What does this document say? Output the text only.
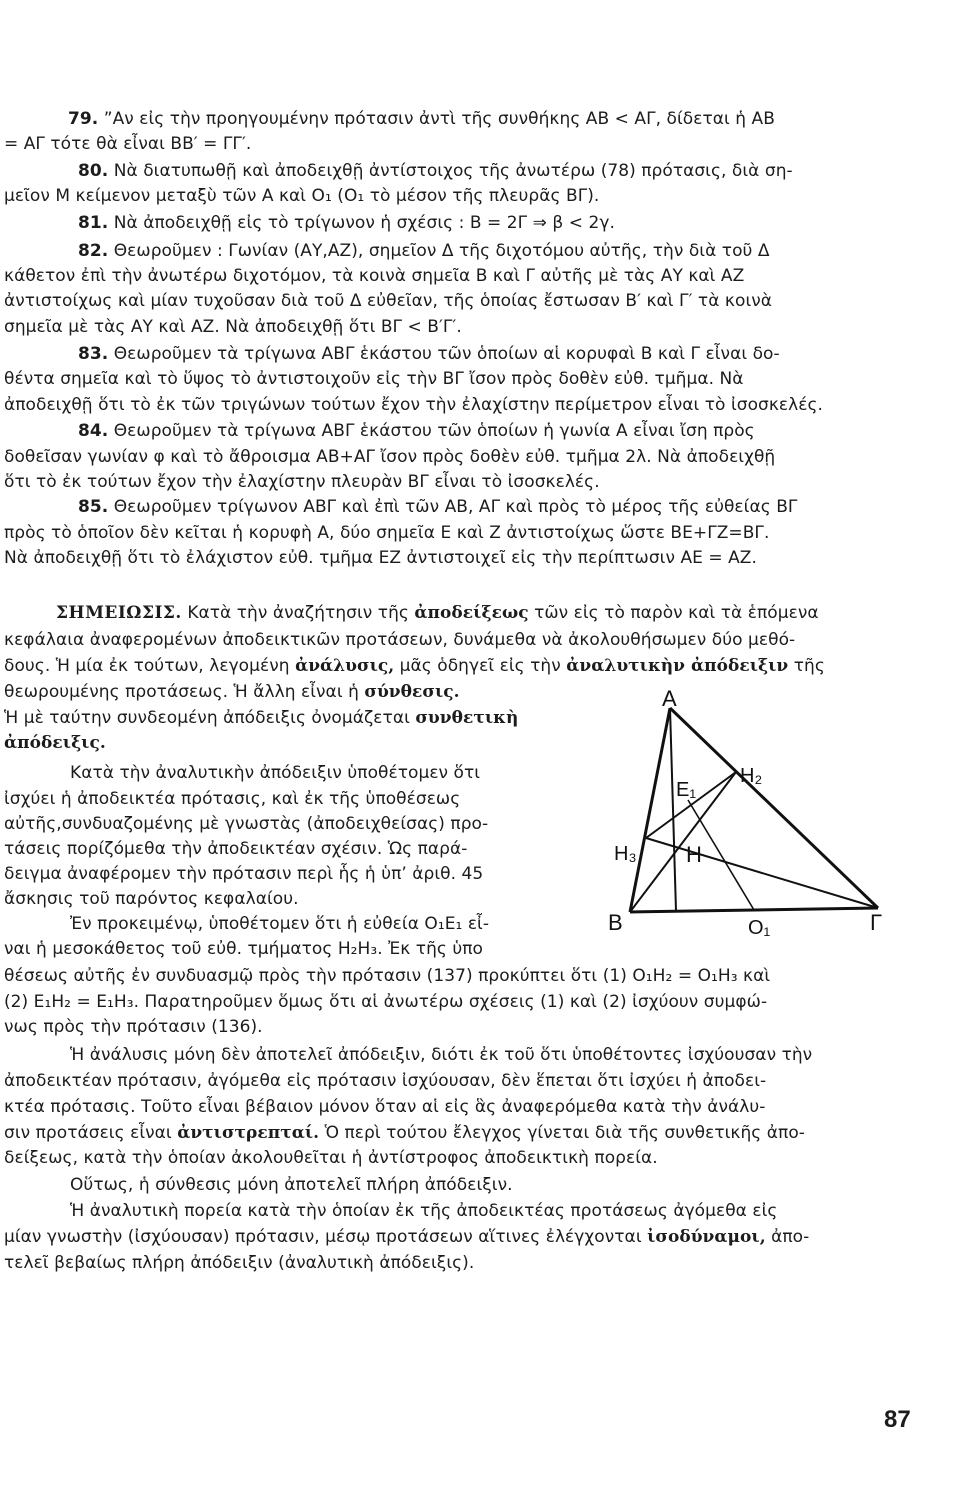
79. ”Αν εἰς τὴν προηγουμένην πρότασιν ἀντὶ τῆς συνθήκης ΑΒ < ΑΓ, δίδεται ἡ ΑΒ
= ΑΓ τότε θὰ εἶναι ΒΒ′ = ΓΓ′.
80. Νὰ διατυπωθῇ καὶ ἀποδειχθῇ ἀντίστοιχος τῆς ἀνωτέρω (78) πρότασις, διὰ ση-
μεῖον Μ κείμενον μεταξὺ τῶν Α καὶ Ο₁ (Ο₁ τὸ μέσον τῆς πλευρᾶς ΒΓ).
81. Νὰ ἀποδειχθῇ εἰς τὸ τρίγωνον ἡ σχέσις : Β = 2Γ ⇒ β < 2γ.
82. Θεωροῦμεν : Γωνίαν (ΑΥ,ΑΖ), σημεῖον Δ τῆς διχοτόμου αὐτῆς, τὴν διὰ τοῦ Δ
κάθετον ἐπὶ τὴν ἀνωτέρω διχοτόμον, τὰ κοινὰ σημεῖα Β καὶ Γ αὐτῆς μὲ τὰς ΑΥ καὶ ΑΖ
ἀντιστοίχως καὶ μίαν τυχοῦσαν διὰ τοῦ Δ εὐθεῖαν, τῆς ὁποίας ἔστωσαν Β′ καὶ Γ′ τὰ κοινὰ
σημεῖα μὲ τὰς ΑΥ καὶ ΑΖ. Νὰ ἀποδειχθῇ ὅτι ΒΓ < Β′Γ′.
83. Θεωροῦμεν τὰ τρίγωνα ΑΒΓ ἑκάστου τῶν ὁποίων αἱ κορυφαὶ Β καὶ Γ εἶναι δο-
θέντα σημεῖα καὶ τὸ ὕψος τὸ ἀντιστοιχοῦν εἰς τὴν ΒΓ ἴσον πρὸς δοθὲν εὐθ. τμῆμα. Νὰ
ἀποδειχθῇ ὅτι τὸ ἐκ τῶν τριγώνων τούτων ἔχον τὴν ἐλαχίστην περίμετρον εἶναι τὸ ἰσοσκελές.
84. Θεωροῦμεν τὰ τρίγωνα ΑΒΓ ἑκάστου τῶν ὁποίων ἡ γωνία Α εἶναι ἴση πρὸς
δοθεῖσαν γωνίαν φ καὶ τὸ ἄθροισμα ΑΒ+ΑΓ ἴσον πρὸς δοθὲν εὐθ. τμῆμα 2λ. Νὰ ἀποδειχθῇ
ὅτι τὸ ἐκ τούτων ἔχον τὴν ἐλαχίστην πλευρὰν ΒΓ εἶναι τὸ ἰσοσκελές.
85. Θεωροῦμεν τρίγωνον ΑΒΓ καὶ ἐπὶ τῶν ΑΒ, ΑΓ καὶ πρὸς τὸ μέρος τῆς εὐθείας ΒΓ
πρὸς τὸ ὁποῖον δὲν κεῖται ἡ κορυφὴ Α, δύο σημεῖα Ε καὶ Ζ ἀντιστοίχως ὥστε ΒΕ+ΓΖ=ΒΓ.
Νὰ ἀποδειχθῇ ὅτι τὸ ἐλάχιστον εὐθ. τμῆμα ΕΖ ἀντιστοιχεῖ εἰς τὴν περίπτωσιν ΑΕ = ΑΖ.
ΣΗΜΕΙΩΣΙΣ. Κατὰ τὴν ἀναζήτησιν τῆς ἀποδείξεως τῶν εἰς τὸ παρὸν καὶ τὰ ἑπόμενα
κεφάλαια ἀναφερομένων ἀποδεικτικῶν προτάσεων, δυνάμεθα νὰ ἀκολουθήσωμεν δύο μεθό-
δους. Ἡ μία ἐκ τούτων, λεγομένη ἀνάλυσις, μᾶς ὁδηγεῖ εἰς τὴν ἀναλυτικὴν ἀπόδειξιν τῆς
θεωρουμένης προτάσεως. Ἡ ἄλλη εἶναι ἡ σύνθεσις.
Ἡ μὲ ταύτην συνδεομένη ἀπόδειξις ὀνομάζεται συνθετικὴ
ἀπόδειξις.
Κατὰ τὴν ἀναλυτικὴν ἀπόδειξιν ὑποθέτομεν ὅτι
ἰσχύει ἡ ἀποδεικτέα πρότασις, καὶ ἐκ τῆς ὑποθέσεως
αὐτῆς,συνδυαζομένης μὲ γνωστὰς (ἀποδειχθείσας) προ-
τάσεις πορίζόμεθα τὴν ἀποδεικτέαν σχέσιν. Ὡς παρά-
δειγμα ἀναφέρομεν τὴν πρότασιν περὶ ἧς ἡ ὑπ’ ἀριθ. 45
ἄσκησις τοῦ παρόντος κεφαλαίου.
Ἐν προκειμένῳ, ὑποθέτομεν ὅτι ἡ εὐθεία Ο₁Ε₁ εἶ-
ναι ἡ μεσοκάθετος τοῦ εὐθ. τμήματος Η₂Η₃. Ἐκ τῆς ὑπο
θέσεως αὐτῆς ἐν συνδυασμῷ πρὸς τὴν πρότασιν (137) προκύπτει ὅτι (1) Ο₁Η₂ = Ο₁Η₃ καὶ
(2) Ε₁Η₂ = Ε₁Η₃. Παρατηροῦμεν ὅμως ὅτι αἱ ἀνωτέρω σχέσεις (1) καὶ (2) ἰσχύουν συμφώ-
νως πρὸς τὴν πρότασιν (136).
Ἡ ἀνάλυσις μόνη δὲν ἀποτελεῖ ἀπόδειξιν, διότι ἐκ τοῦ ὅτι ὑποθέτοντες ἰσχύουσαν τὴν
ἀποδεικτέαν πρότασιν, ἀγόμεθα εἰς πρότασιν ἰσχύουσαν, δὲν ἕπεται ὅτι ἰσχύει ἡ ἀποδει-
κτέα πρότασις. Τοῦτο εἶναι βέβαιον μόνον ὅταν αἱ εἰς ἃς ἀναφερόμεθα κατὰ τὴν ἀνάλυ-
σιν προτάσεις εἶναι ἀντιστρεπταί. Ὁ περὶ τούτου ἔλεγχος γίνεται διὰ τῆς συνθετικῆς ἀπο-
δείξεως, κατὰ τὴν ὁποίαν ἀκολουθεῖται ἡ ἀντίστροφος ἀποδεικτικὴ πορεία.
Οὕτως, ἡ σύνθεσις μόνη ἀποτελεῖ πλήρη ἀπόδειξιν.
Ἡ ἀναλυτικὴ πορεία κατὰ τὴν ὁποίαν ἐκ τῆς ἀποδεικτέας προτάσεως ἀγόμεθα εἰς
μίαν γνωστὴν (ἰσχύουσαν) πρότασιν, μέσῳ προτάσεων αἵτινες ἐλέγχονται ἰσοδύναμοι, ἀπο-
τελεῖ βεβαίως πλήρη ἀπόδειξιν (ἀναλυτικὴ ἀπόδειξις).
Α
Β	Γ
Η
Ο₁
Ε₁
Η₂
Η₃
87
